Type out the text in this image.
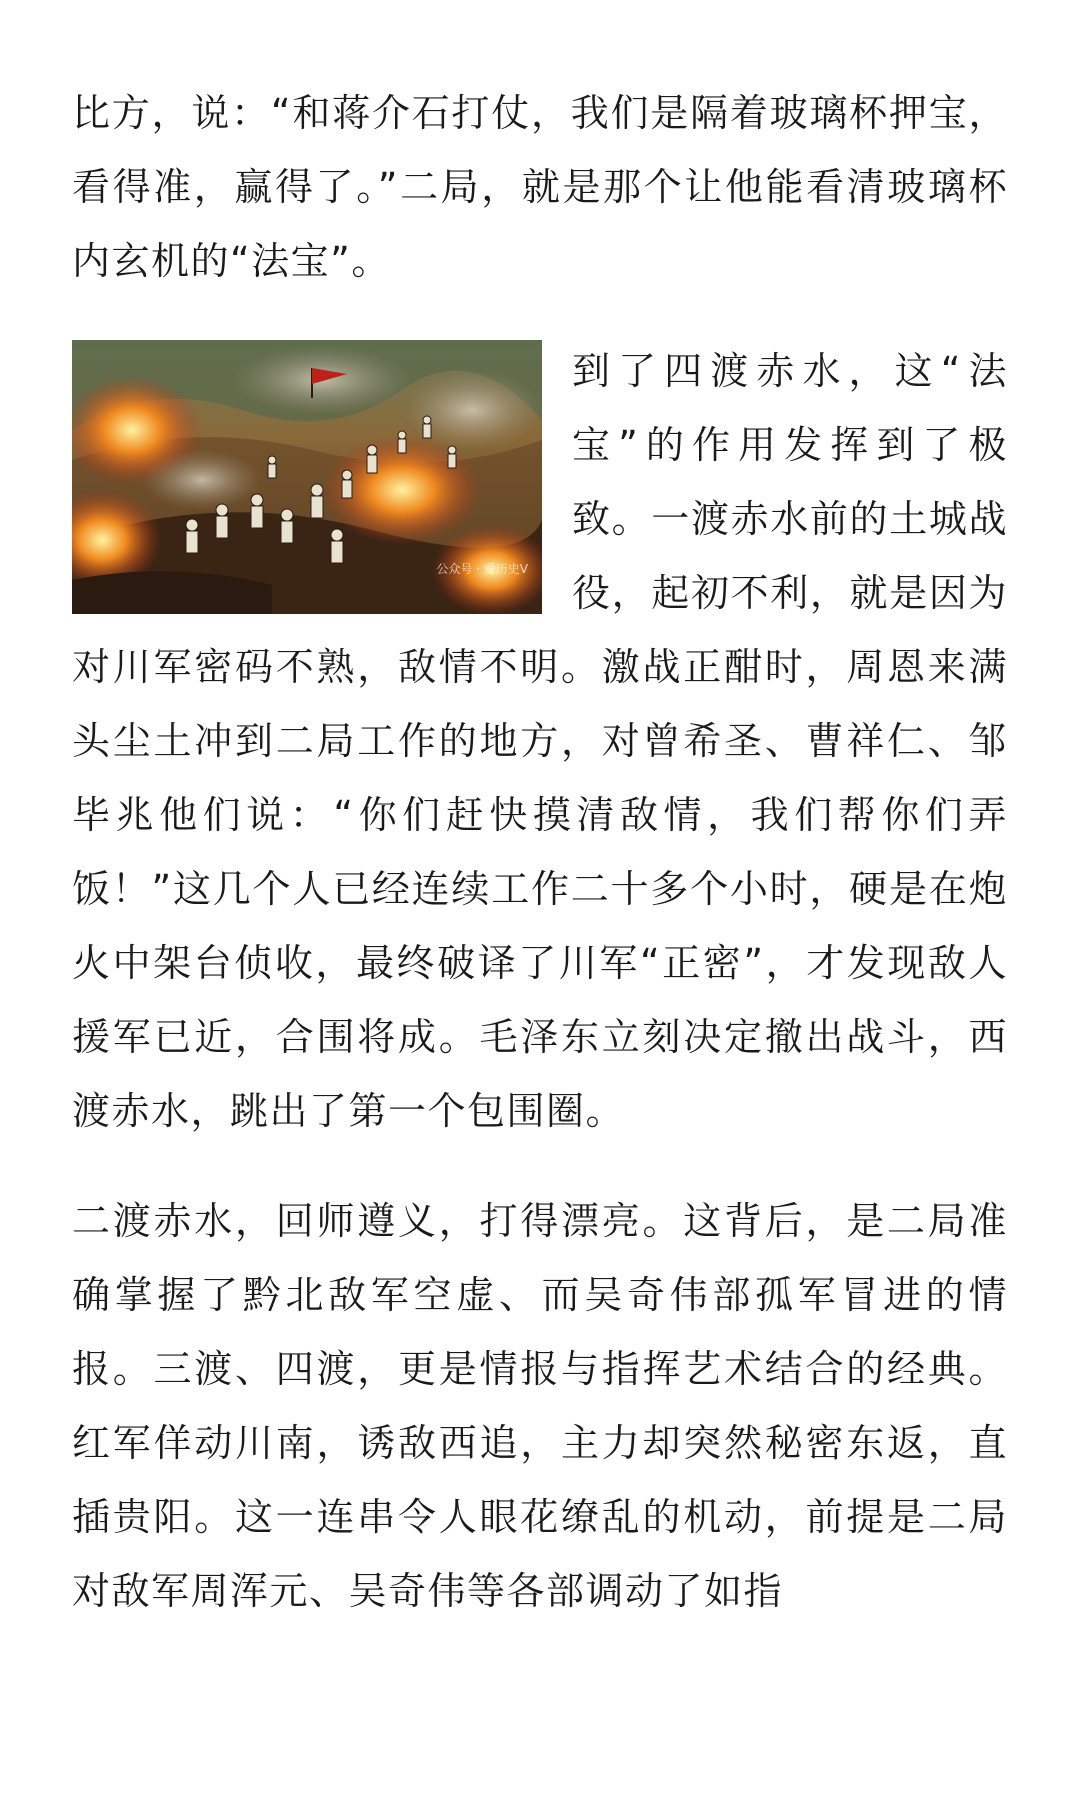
比方，说：“和蒋介石打仗，我们是隔着玻璃杯押宝，看得准，赢得了。”二局，就是那个让他能看清玻璃杯内玄机的“法宝”。

公众号 · 爱历史V
到了四渡赤水，这“法宝”的作用发挥到了极致。一渡赤水前的土城战役，起初不利，就是因为对川军密码不熟，敌情不明。激战正酣时，周恩来满头尘土冲到二局工作的地方，对曾希圣、曹祥仁、邹毕兆他们说：“你们赶快摸清敌情，我们帮你们弄饭！”这几个人已经连续工作二十多个小时，硬是在炮火中架台侦收，最终破译了川军“正密”，才发现敌人援军已近，合围将成。毛泽东立刻决定撤出战斗，西渡赤水，跳出了第一个包围圈。

二渡赤水，回师遵义，打得漂亮。这背后，是二局准确掌握了黔北敌军空虚、而吴奇伟部孤军冒进的情报。三渡、四渡，更是情报与指挥艺术结合的经典。红军佯动川南，诱敌西追，主力却突然秘密东返，直插贵阳。这一连串令人眼花缭乱的机动，前提是二局对敌军周浑元、吴奇伟等各部调动了如指
